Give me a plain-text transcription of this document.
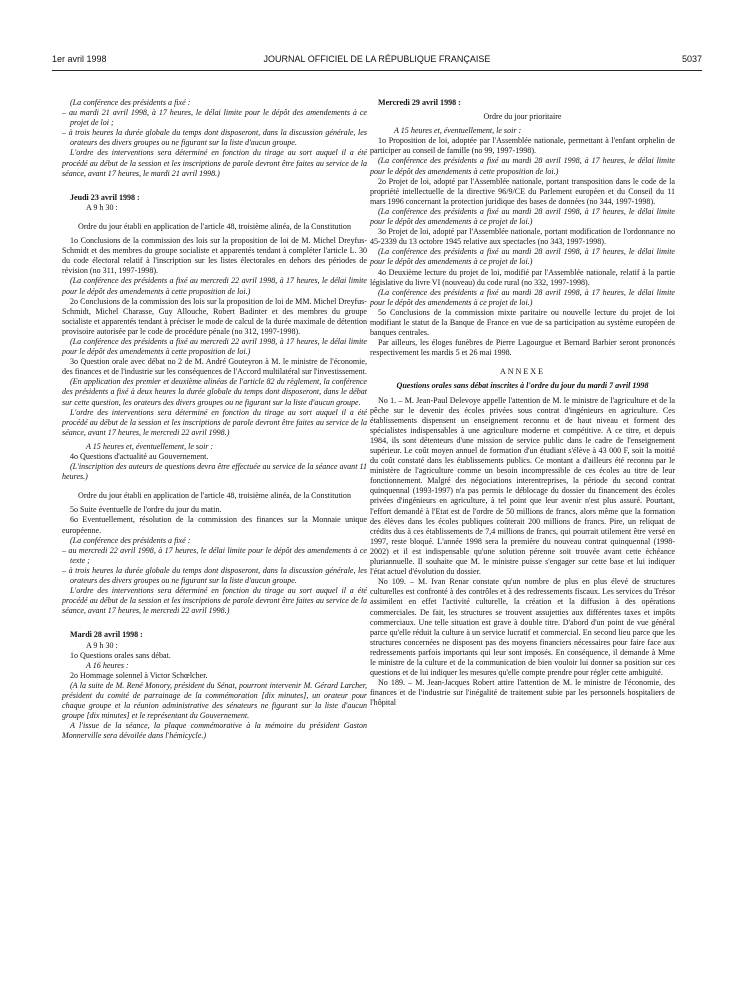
1er avril 1998	JOURNAL OFFICIEL DE LA RÉPUBLIQUE FRANÇAISE	5037

(La conférence des présidents a fixé :

– au mardi 21 avril 1998, à 17 heures, le délai limite pour le dépôt des amendements à ce projet de loi ;

– à trois heures la durée globale du temps dont disposeront, dans la discussion générale, les orateurs des divers groupes ou ne figurant sur la liste d'aucun groupe.

L'ordre des interventions sera déterminé en fonction du tirage au sort auquel il a été procédé au début de la session et les inscriptions de parole devront être faites au service de la séance, avant 17 heures, le mardi 21 avril 1998.)

Jeudi 23 avril 1998 :

A 9 h 30 :

Ordre du jour établi en application de l'article 48, troisième alinéa, de la Constitution

1o Conclusions de la commission des lois sur la proposition de loi de M. Michel Dreyfus-Schmidt et des membres du groupe socialiste et apparentés tendant à compléter l'article L. 30 du code électoral relatif à l'inscription sur les listes électorales en dehors des périodes de révision (no 311, 1997-1998).

(La conférence des présidents a fixé au mercredi 22 avril 1998, à 17 heures, le délai limite pour le dépôt des amendements à cette proposition de loi.)

2o Conclusions de la commission des lois sur la proposition de loi de MM. Michel Dreyfus-Schmidt, Michel Charasse, Guy Allouche, Robert Badinter et des membres du groupe socialiste et apparentés tendant à préciser le mode de calcul de la durée maximale de détention provisoire autorisée par le code de procédure pénale (no 312, 1997-1998).

(La conférence des présidents a fixé au mercredi 22 avril 1998, à 17 heures, le délai limite pour le dépôt des amendements à cette proposition de loi.)

3o Question orale avec débat no 2 de M. André Gouteyron à M. le ministre de l'économie, des finances et de l'industrie sur les conséquences de l'Accord multilatéral sur l'investissement.

(En application des premier et deuxième alinéas de l'article 82 du règlement, la conférence des présidents a fixé à deux heures la durée globale du temps dont disposeront, dans le débat sur cette question, les orateurs des divers groupes ou ne figurant sur la liste d'aucun groupe.

L'ordre des interventions sera déterminé en fonction du tirage au sort auquel il a été procédé au début de la session et les inscriptions de parole devront être faites au service de la séance, avant 17 heures, le mercredi 22 avril 1998.)

A 15 heures et, éventuellement, le soir :

4o Questions d'actualité au Gouvernement.

(L'inscription des auteurs de questions devra être effectuée au service de la séance avant 11 heures.)

Ordre du jour établi en application de l'article 48, troisième alinéa, de la Constitution

5o Suite éventuelle de l'ordre du jour du matin.

6o Eventuellement, résolution de la commission des finances sur la Monnaie unique européenne.

(La conférence des présidents a fixé :

– au mercredi 22 avril 1998, à 17 heures, le délai limite pour le dépôt des amendements à ce texte ;

– à trois heures la durée globale du temps dont disposeront, dans la discussion générale, les orateurs des divers groupes ou ne figurant sur la liste d'aucun groupe.

L'ordre des interventions sera déterminé en fonction du tirage au sort auquel il a été procédé au début de la session et les inscriptions de parole devront être faites au service de la séance, avant 17 heures, le mercredi 22 avril 1998.)

Mardi 28 avril 1998 :

A 9 h 30 :

1o Questions orales sans débat.

A 16 heures :

2o Hommage solennel à Victor Schœlcher.

(A la suite de M. René Monory, président du Sénat, pourront intervenir M. Gérard Larcher, président du comité de parrainage de la commémoration [dix minutes], un orateur pour chaque groupe et la réunion administrative des sénateurs ne figurant sur la liste d'aucun groupe [dix minutes] et le représentant du Gouvernement.

A l'issue de la séance, la plaque commémorative à la mémoire du président Gaston Monnerville sera dévoilée dans l'hémicycle.)

Mercredi 29 avril 1998 :

Ordre du jour prioritaire

A 15 heures et, éventuellement, le soir :

1o Proposition de loi, adoptée par l'Assemblée nationale, permettant à l'enfant orphelin de participer au conseil de famille (no 99, 1997-1998).

(La conférence des présidents a fixé au mardi 28 avril 1998, à 17 heures, le délai limite pour le dépôt des amendements à cette proposition de loi.)

2o Projet de loi, adopté par l'Assemblée nationale, portant transposition dans le code de la propriété intellectuelle de la directive 96/9/CE du Parlement européen et du Conseil du 11 mars 1996 concernant la protection juridique des bases de données (no 344, 1997-1998).

(La conférence des présidents a fixé au mardi 28 avril 1998, à 17 heures, le délai limite pour le dépôt des amendements à ce projet de loi.)

3o Projet de loi, adopté par l'Assemblée nationale, portant modification de l'ordonnance no 45-2339 du 13 octobre 1945 relative aux spectacles (no 343, 1997-1998).

(La conférence des présidents a fixé au mardi 28 avril 1998, à 17 heures, le délai limite pour le dépôt des amendements à ce projet de loi.)

4o Deuxième lecture du projet de loi, modifié par l'Assemblée nationale, relatif à la partie législative du livre VI (nouveau) du code rural (no 332, 1997-1998).

(La conférence des présidents a fixé au mardi 28 avril 1998, à 17 heures, le délai limite pour le dépôt des amendements à ce projet de loi.)

5o Conclusions de la commission mixte paritaire ou nouvelle lecture du projet de loi modifiant le statut de la Banque de France en vue de sa participation au système européen de banques centrales.

Par ailleurs, les éloges funèbres de Pierre Lagourgue et Bernard Barbier seront prononcés respectivement les mardis 5 et 26 mai 1998.

ANNEXE

Questions orales sans débat inscrites à l'ordre du jour du mardi 7 avril 1998

No 1. – M. Jean-Paul Delevoye appelle l'attention de M. le ministre de l'agriculture et de la pêche sur le devenir des écoles privées sous contrat d'ingénieurs en agriculture. Ces établissements dispensent un enseignement reconnu et de haut niveau et forment des spécialistes indispensables à une agriculture moderne et compétitive. A ce titre, et depuis 1984, ils sont détenteurs d'une mission de service public dans le cadre de l'enseignement supérieur. Le coût moyen annuel de formation d'un étudiant s'élève à 43 000 F, soit la moitié du coût constaté dans les établissements publics. Ce montant a d'ailleurs été reconnu par le ministère de l'agriculture comme un besoin incompressible de ces écoles au titre de leur fonctionnement. Malgré des négociations interentreprises, la période du second contrat quinquennal (1993-1997) n'a pas permis le déblocage du dossier du financement des écoles privées d'ingénieurs en agriculture, à tel point que leur avenir n'est plus assuré. Pourtant, l'effort demandé à l'Etat est de l'ordre de 50 millions de francs, alors même que la formation des élèves dans les écoles publiques coûterait 200 millions de francs. Pire, un reliquat de crédits dus à ces établissements de 7,4 millions de francs, qui pourrait utilement être versé en 1997, reste bloqué. L'année 1998 sera la première du nouveau contrat quinquennal (1998-2002) et il est indispensable qu'une solution pérenne soit trouvée avant cette échéance pluriannuelle. Il souhaite que M. le ministre puisse s'engager sur cette base et lui indiquer l'état actuel d'évolution du dossier.

No 109. – M. Ivan Renar constate qu'un nombre de plus en plus élevé de structures culturelles est confronté à des contrôles et à des redressements fiscaux. Les services du Trésor assimilent en effet l'activité culturelle, la création et la diffusion à des opérations commerciales. De fait, les structures se trouvent assujetties aux différentes taxes et impôts commerciaux. Une telle situation est grave à double titre. D'abord d'un point de vue général parce qu'elle réduit la culture à un service lucratif et commercial. En second lieu parce que les structures concernées ne disposent pas des moyens financiers nécessaires pour faire face aux redressements parfois importants qui leur sont imposés. En conséquence, il demande à Mme le ministre de la culture et de la communication de bien vouloir lui donner sa position sur ces questions et de lui indiquer les mesures qu'elle compte prendre pour régler cette ambiguïté.

No 189. – M. Jean-Jacques Robert attire l'attention de M. le ministre de l'économie, des finances et de l'industrie sur l'inégalité de traitement subie par les personnels hospitaliers de l'hôpital
